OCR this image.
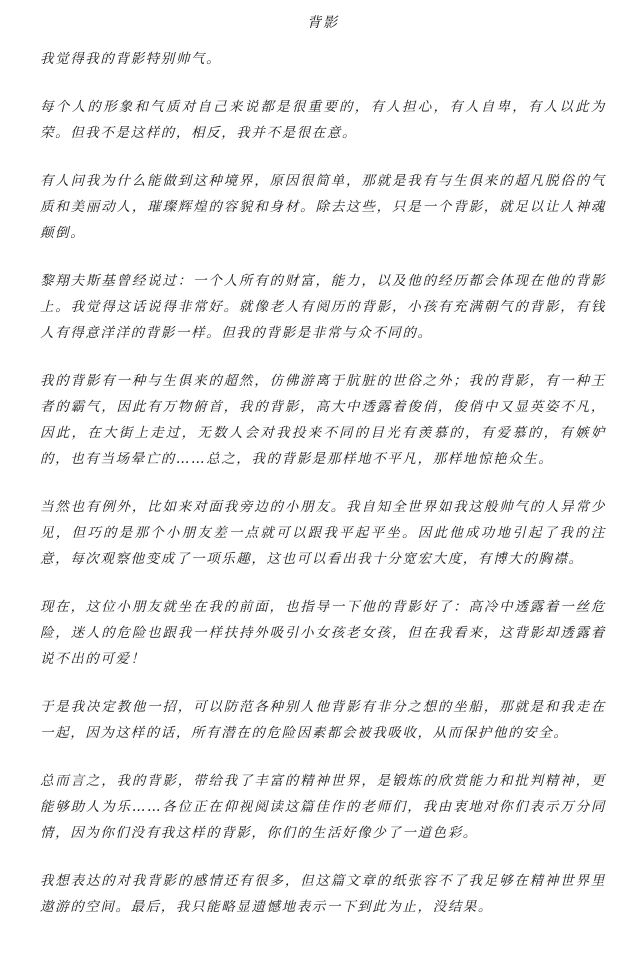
背影

我觉得我的背影特别帅气。

每个人的形象和气质对自己来说都是很重要的，有人担心，有人自卑，有人以此为荣。但我不是这样的，相反，我并不是很在意。

有人问我为什么能做到这种境界，原因很简单，那就是我有与生俱来的超凡脱俗的气质和美丽动人，璀璨辉煌的容貌和身材。除去这些，只是一个背影，就足以让人神魂颠倒。

黎翔夫斯基曾经说过：一个人所有的财富，能力，以及他的经历都会体现在他的背影上。我觉得这话说得非常好。就像老人有阅历的背影，小孩有充满朝气的背影，有钱人有得意洋洋的背影一样。但我的背影是非常与众不同的。

我的背影有一种与生俱来的超然，仿佛游离于肮脏的世俗之外；我的背影，有一种王者的霸气，因此有万物俯首，我的背影，高大中透露着俊俏，俊俏中又显英姿不凡，因此，在大街上走过，无数人会对我投来不同的目光有羡慕的，有爱慕的，有嫉妒的，也有当场晕亡的……总之，我的背影是那样地不平凡，那样地惊艳众生。

当然也有例外，比如来对面我旁边的小朋友。我自知全世界如我这般帅气的人异常少见，但巧的是那个小朋友差一点就可以跟我平起平坐。因此他成功地引起了我的注意，每次观察他变成了一项乐趣，这也可以看出我十分宽宏大度，有博大的胸襟。

现在，这位小朋友就坐在我的前面，也指导一下他的背影好了：高冷中透露着一丝危险，迷人的危险也跟我一样扶持外吸引小女孩老女孩，但在我看来，这背影却透露着说不出的可爱！

于是我决定教他一招，可以防范各种别人他背影有非分之想的坐船，那就是和我走在一起，因为这样的话，所有潜在的危险因素都会被我吸收，从而保护他的安全。

总而言之，我的背影，带给我了丰富的精神世界，是锻炼的欣赏能力和批判精神，更能够助人为乐……各位正在仰视阅读这篇佳作的老师们，我由衷地对你们表示万分同情，因为你们没有我这样的背影，你们的生活好像少了一道色彩。

我想表达的对我背影的感情还有很多，但这篇文章的纸张容不了我足够在精神世界里遨游的空间。最后，我只能略显遗憾地表示一下到此为止，没结果。
